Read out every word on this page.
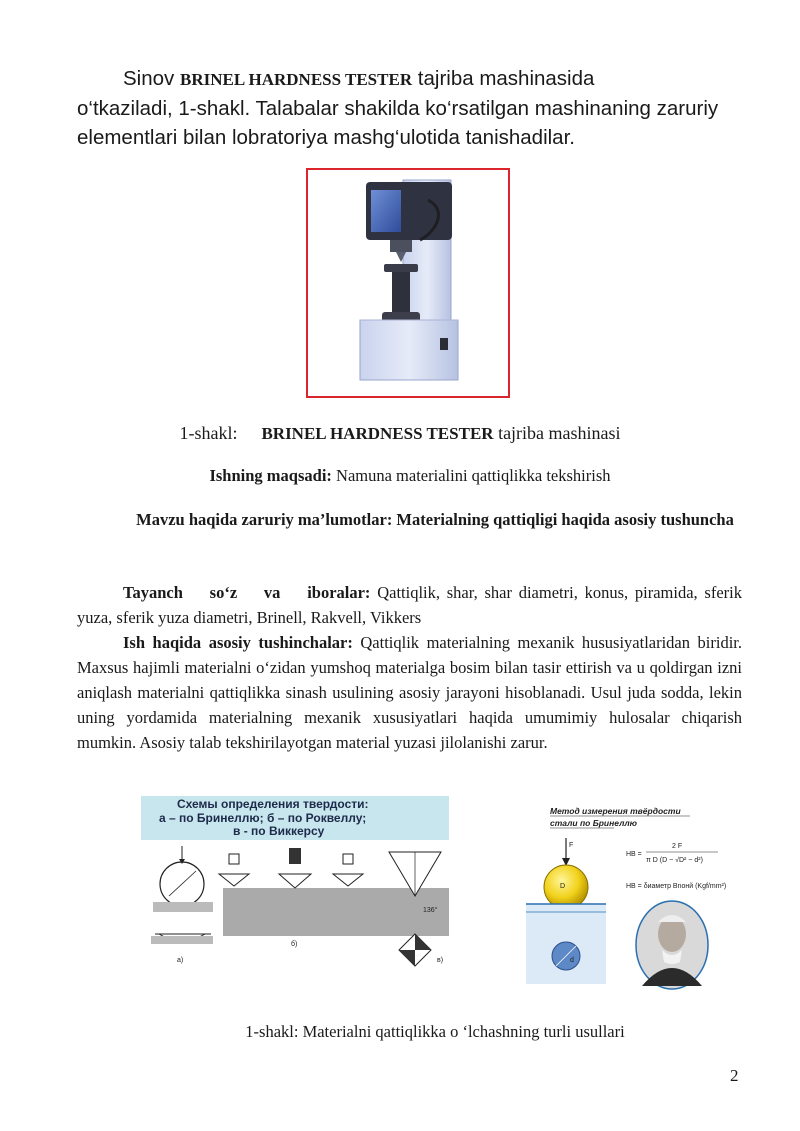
Sinov BRINEL HARDNESS TESTER tajriba mashinasida
o‘tkaziladi, 1-shakl. Talabalar shakilda ko‘rsatilgan mashinaning zaruriy elementlari bilan lobratoriya mashg‘ulotida tanishadilar.
1-shakl: BRINEL HARDNESS TESTER tajriba mashinasi
Ishning maqsadi: Namuna materialini qattiqlikka tekshirish
Mavzu haqida zaruriy ma’lumotlar: Materialning qattiqligi haqida asosiy tushuncha
Tayanch so‘z va iboralar: Qattiqlik, shar, shar diametri, konus, piramida, sferik yuza, sferik yuza diametri, Brinell, Rakvell, Vikkers
Ish haqida asosiy tushinchalar: Qattiqlik materialning mexanik hususiyatlaridan biridir. Maxsus hajimli materialni o‘zidan yumshoq materialga bosim bilan tasir ettirish va u qoldirgan izni aniqlash materialni qattiqlikka sinash usulining asosiy jarayoni hisoblanadi. Usul juda sodda, lekin uning yordamida materialning mexanik xususiyatlari haqida umumimiy hulosalar chiqarish mumkin. Asosiy talab tekshirilayotgan material yuzasi jilolanishi zarur.
Схемы определения твердости:
а – по Бринеллю; б – по Роквеллу;
в - по Виккерсу
136°
а)
б)
в)
Метод измерения твёрдости
стали по Бринеллю
F
D
d
HB =
2 F
π D (D − √D² − d²)
HB = δиаметр Bnoнй (Kgf/mm²)
1-shakl: Materialni qattiqlikka o ‘lchashning turli usullari
2
